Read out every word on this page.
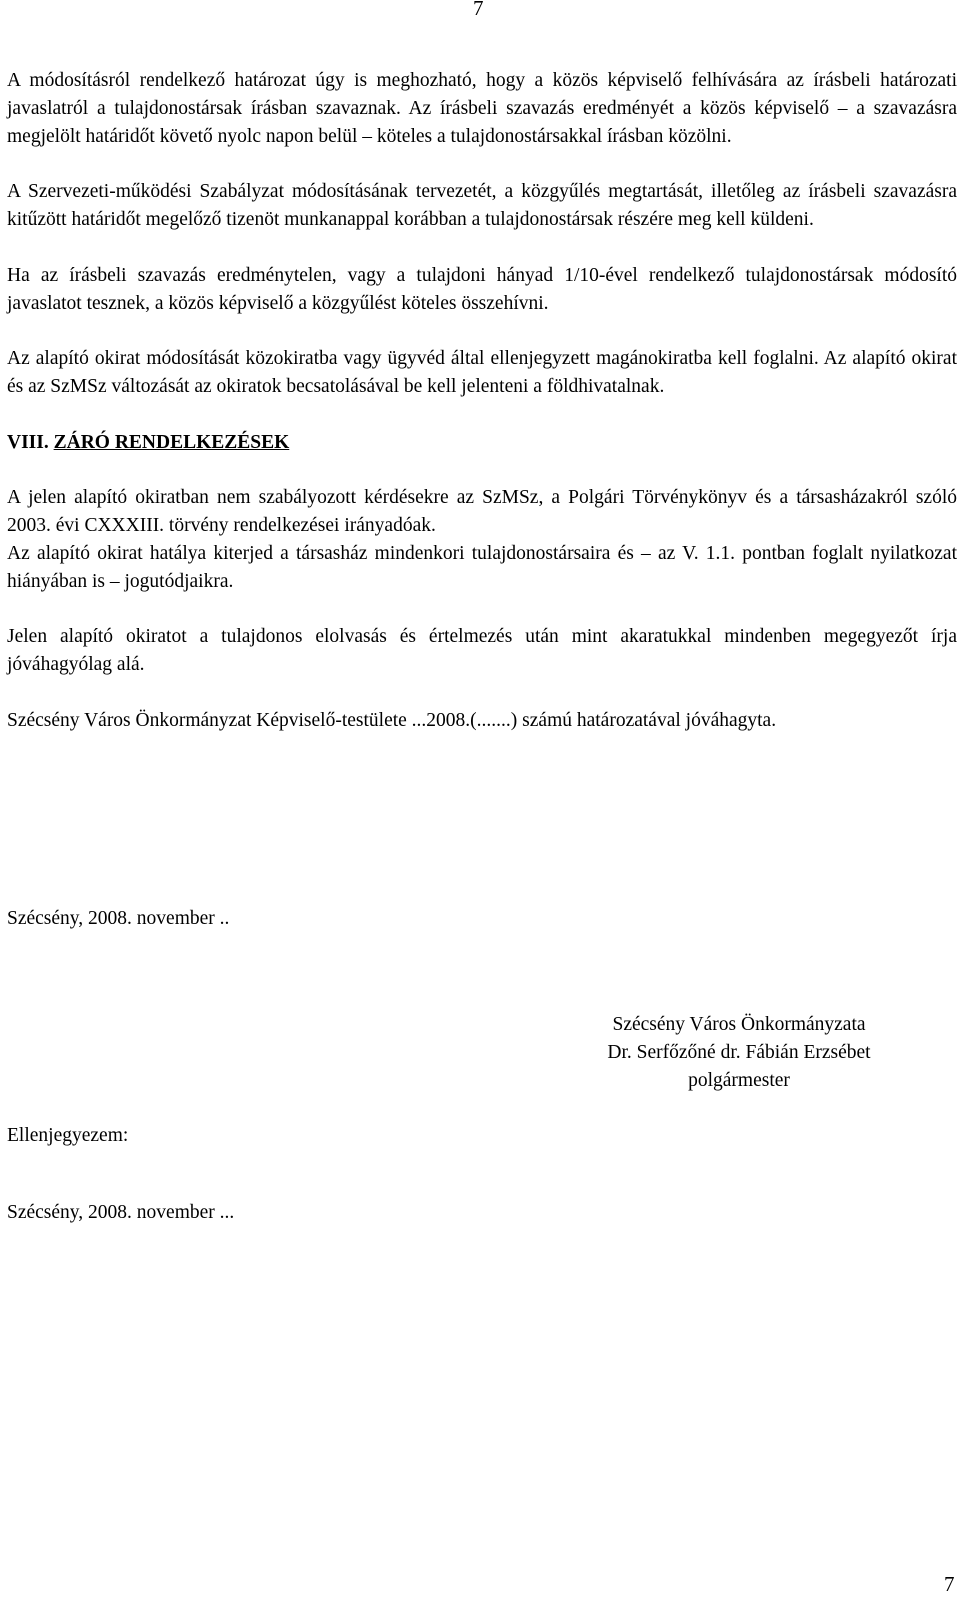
7

A módosításról rendelkező határozat úgy is meghozható, hogy a közös képviselő felhívására az írásbeli határozati javaslatról a tulajdonostársak írásban szavaznak. Az írásbeli szavazás eredményét a közös képviselő – a szavazásra megjelölt határidőt követő nyolc napon belül – köteles a tulajdonostársakkal írásban közölni.

A Szervezeti-működési Szabályzat módosításának tervezetét, a közgyűlés megtartását, illetőleg az írásbeli szavazásra kitűzött határidőt megelőző tizenöt munkanappal korábban a tulajdonostársak részére meg kell küldeni.

Ha az írásbeli szavazás eredménytelen, vagy a tulajdoni hányad 1/10-ével rendelkező tulajdonostársak módosító javaslatot tesznek, a közös képviselő a közgyűlést köteles összehívni.

Az alapító okirat módosítását közokiratba vagy ügyvéd által ellenjegyzett magánokiratba kell foglalni. Az alapító okirat és az SzMSz változását az okiratok becsatolásával be kell jelenteni a földhivatalnak.

VIII. ZÁRÓ RENDELKEZÉSEK

A jelen alapító okiratban nem szabályozott kérdésekre az SzMSz, a Polgári Törvénykönyv és a társasházakról szóló 2003. évi CXXXIII. törvény rendelkezései irányadóak.

Az alapító okirat hatálya kiterjed a társasház mindenkori tulajdonostársaira és – az V. 1.1. pontban foglalt nyilatkozat hiányában is – jogutódjaikra.

Jelen alapító okiratot a tulajdonos elolvasás és értelmezés után mint akaratukkal mindenben megegyezőt írja jóváhagyólag alá.

Szécsény Város Önkormányzat Képviselő-testülete ...2008.(.......) számú határozatával jóváhagyta.

Szécsény, 2008. november ..
Szécsény Város Önkormányzata
Dr. Serfőzőné dr. Fábián Erzsébet
polgármester
Ellenjegyezem:
Szécsény, 2008. november ...
7
